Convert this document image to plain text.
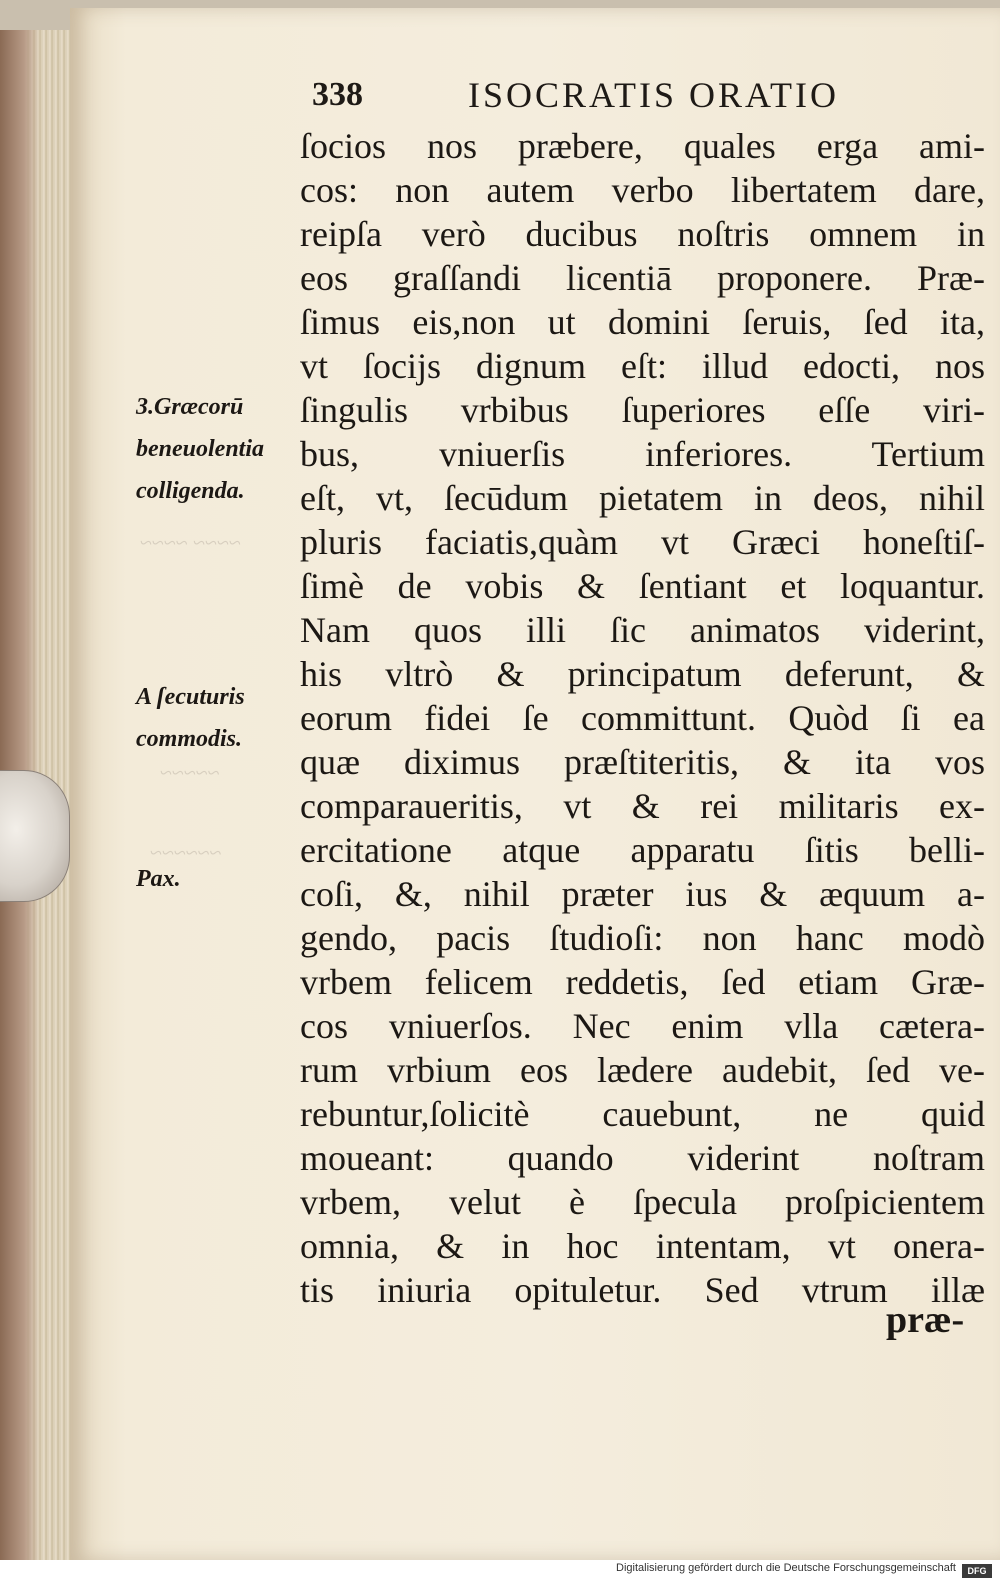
~~~~ ~~~~
~~~~~
~~~~~~
338	ISOCRATIS ORATIO
ſocios nos præbere, quales erga ami-
cos: non autem verbo libertatem dare,
reipſa verò ducibus noſtris omnem in
eos graſſandi licentiā proponere. Præ-
ſimus eis,non ut domini ſeruis, ſed ita,
vt ſocijs dignum eſt: illud edocti, nos
ſingulis vrbibus ſuperiores eſſe viri-
bus, vniuerſis inferiores. Tertium
eſt, vt, ſecūdum pietatem in deos, nihil
pluris faciatis,quàm vt Græci honeſtiſ-
ſimè de vobis & ſentiant et loquantur.
Nam quos illi ſic animatos viderint,
his vltrò & principatum deferunt, &
eorum fidei ſe committunt. Quòd ſi ea
quæ diximus præſtiteritis, & ita vos
comparaueritis, vt & rei militaris ex-
ercitatione atque apparatu ſitis belli-
coſi, &, nihil præter ius & æquum a-
gendo, pacis ſtudioſi: non hanc modò
vrbem felicem reddetis, ſed etiam Græ-
cos vniuerſos. Nec enim vlla cætera-
rum vrbium eos lædere audebit, ſed ve-
rebuntur,ſolicitè cauebunt, ne quid
moueant: quando viderint noſtram
vrbem, velut è ſpecula proſpicientem
omnia, & in hoc intentam, vt onera-
tis iniuria opituletur. Sed vtrum illæ
præ-
3.Græcorū
beneuolentia
colligenda.
A ſecuturis
commodis.
Pax.
Digitalisierung gefördert durch die Deutsche Forschungsgemeinschaft	DFG
